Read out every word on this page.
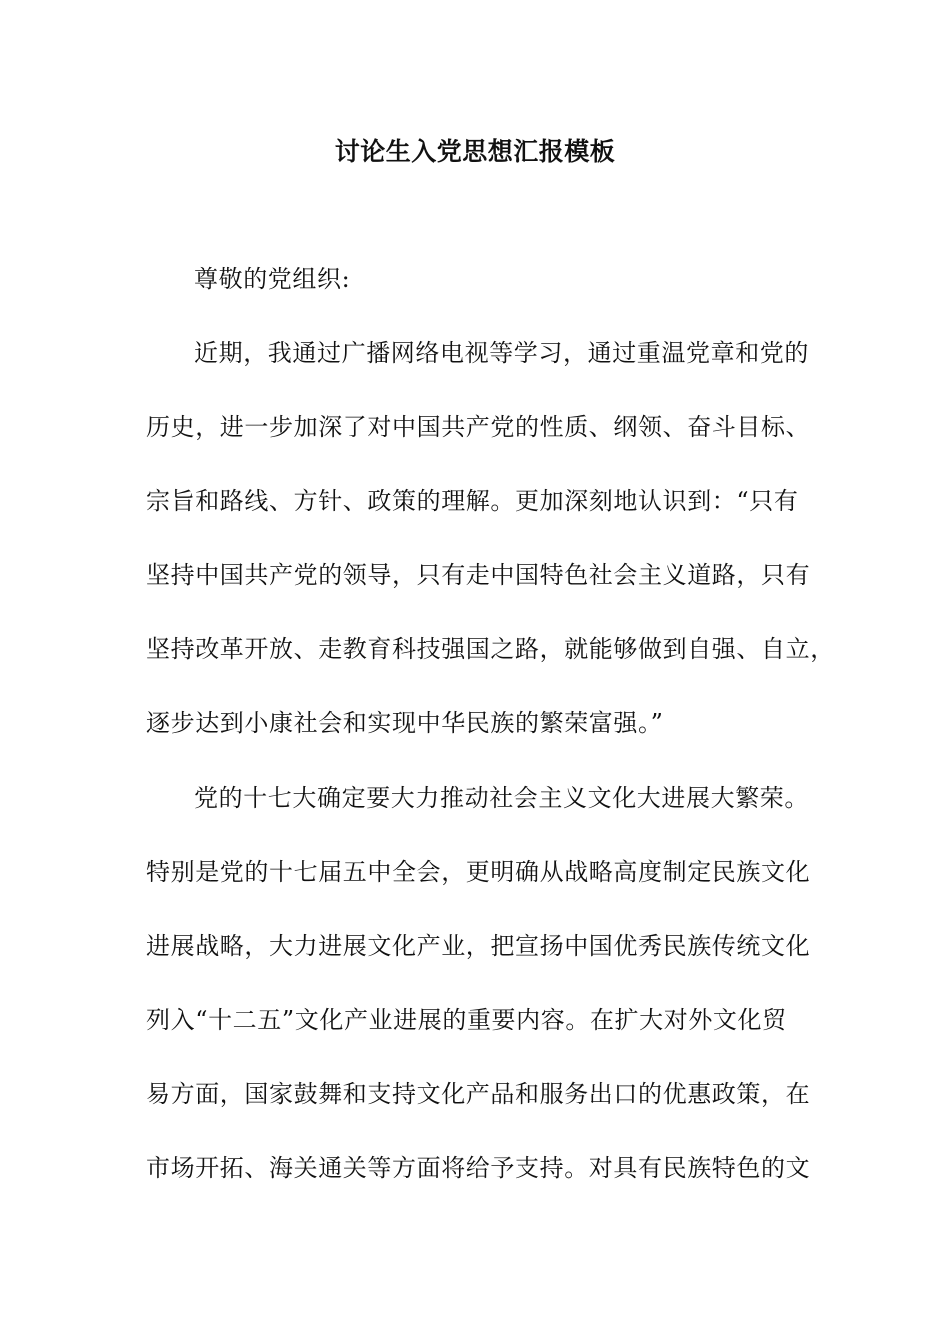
讨论生入党思想汇报模板
尊敬的党组织:
近期，我通过广播网络电视等学习，通过重温党章和党的
历史，进一步加深了对中国共产党的性质、纲领、奋斗目标、
宗旨和路线、方针、政策的理解。更加深刻地认识到：“只有
坚持中国共产党的领导，只有走中国特色社会主义道路，只有
坚持改革开放、走教育科技强国之路，就能够做到自强、自立，
逐步达到小康社会和实现中华民族的繁荣富强。”
党的十七大确定要大力推动社会主义文化大进展大繁荣。
特别是党的十七届五中全会，更明确从战略高度制定民族文化
进展战略，大力进展文化产业，把宣扬中国优秀民族传统文化
列入“十二五”文化产业进展的重要内容。在扩大对外文化贸
易方面，国家鼓舞和支持文化产品和服务出口的优惠政策，在
市场开拓、海关通关等方面将给予支持。对具有民族特色的文
